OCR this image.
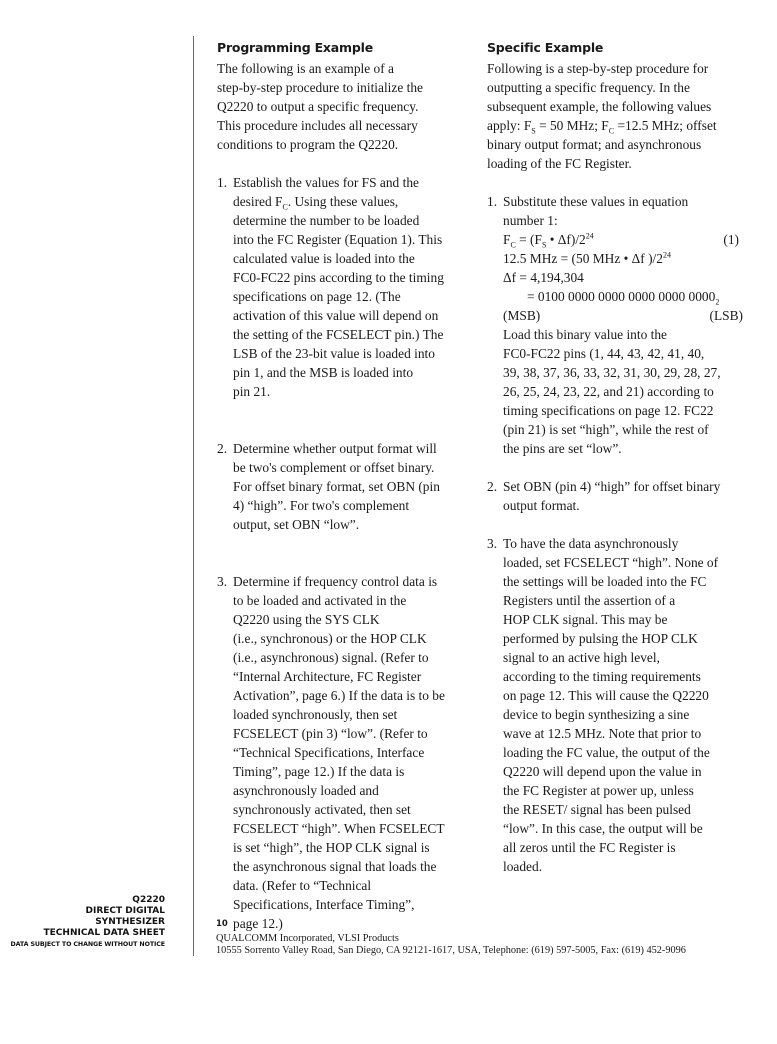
Q2220
DIRECT DIGITAL
SYNTHESIZER
TECHNICAL DATA SHEET
DATA SUBJECT TO CHANGE WITHOUT NOTICE
Programming Example
The following is an example of a
step-by-step procedure to initialize the
Q2220 to output a specific frequency.
This procedure includes all necessary
conditions to program the Q2220.
1. Establish the values for FS and the
desired $F_C$. Using these values,
determine the number to be loaded
into the FC Register (Equation 1). This
calculated value is loaded into the
FC0-FC22 pins according to the timing
specifications on page 12. (The
activation of this value will depend on
the setting of the FCSELECT pin.) The
LSB of the 23-bit value is loaded into
pin 1, and the MSB is loaded into
pin 21.
2. Determine whether output format will
be two's complement or offset binary.
For offset binary format, set OBN (pin
4) “high”. For two's complement
output, set OBN “low”.
3. Determine if frequency control data is
to be loaded and activated in the
Q2220 using the SYS CLK
(i.e., synchronous) or the HOP CLK
(i.e., asynchronous) signal. (Refer to
“Internal Architecture, FC Register
Activation”, page 6.) If the data is to be
loaded synchronously, then set
FCSELECT (pin 3) “low”. (Refer to
“Technical Specifications, Interface
Timing”, page 12.) If the data is
asynchronously loaded and
synchronously activated, then set
FCSELECT “high”. When FCSELECT
is set “high”, the HOP CLK signal is
the asynchronous signal that loads the
data. (Refer to “Technical
Specifications, Interface Timing”,
page 12.)
Specific Example
Following is a step-by-step procedure for
outputting a specific frequency. In the
subsequent example, the following values
apply: $F_S = 50$ MHz; $F_C =12.5$ MHz; offset
binary output format; and asynchronous
loading of the FC Register.
1. Substitute these values in equation
number 1:
$F_C = (F_S$ • $\Delta f)/2^{24}$	(1)
12.5 MHz = (50 MHz • Δf )$/2^{24}$
Δf = 4,194,304
= 0100 0000 0000 0000 0000 $0000_2$
(MSB)	(LSB)
Load this binary value into the
FC0-FC22 pins (1, 44, 43, 42, 41, 40,
39, 38, 37, 36, 33, 32, 31, 30, 29, 28, 27,
26, 25, 24, 23, 22, and 21) according to
timing specifications on page 12. FC22
(pin 21) is set “high”, while the rest of
the pins are set “low”.
2. Set OBN (pin 4) “high” for offset binary
output format.
3. To have the data asynchronously
loaded, set FCSELECT “high”. None of
the settings will be loaded into the FC
Registers until the assertion of a
HOP CLK signal. This may be
performed by pulsing the HOP CLK
signal to an active high level,
according to the timing requirements
on page 12. This will cause the Q2220
device to begin synthesizing a sine
wave at 12.5 MHz. Note that prior to
loading the FC value, the output of the
Q2220 will depend upon the value in
the FC Register at power up, unless
the RESET/ signal has been pulsed
“low”. In this case, the output will be
all zeros until the FC Register is
loaded.
10
QUALCOMM Incorporated, VLSI Products
10555 Sorrento Valley Road, San Diego, CA 92121-1617, USA, Telephone: (619) 597-5005, Fax: (619) 452-9096
